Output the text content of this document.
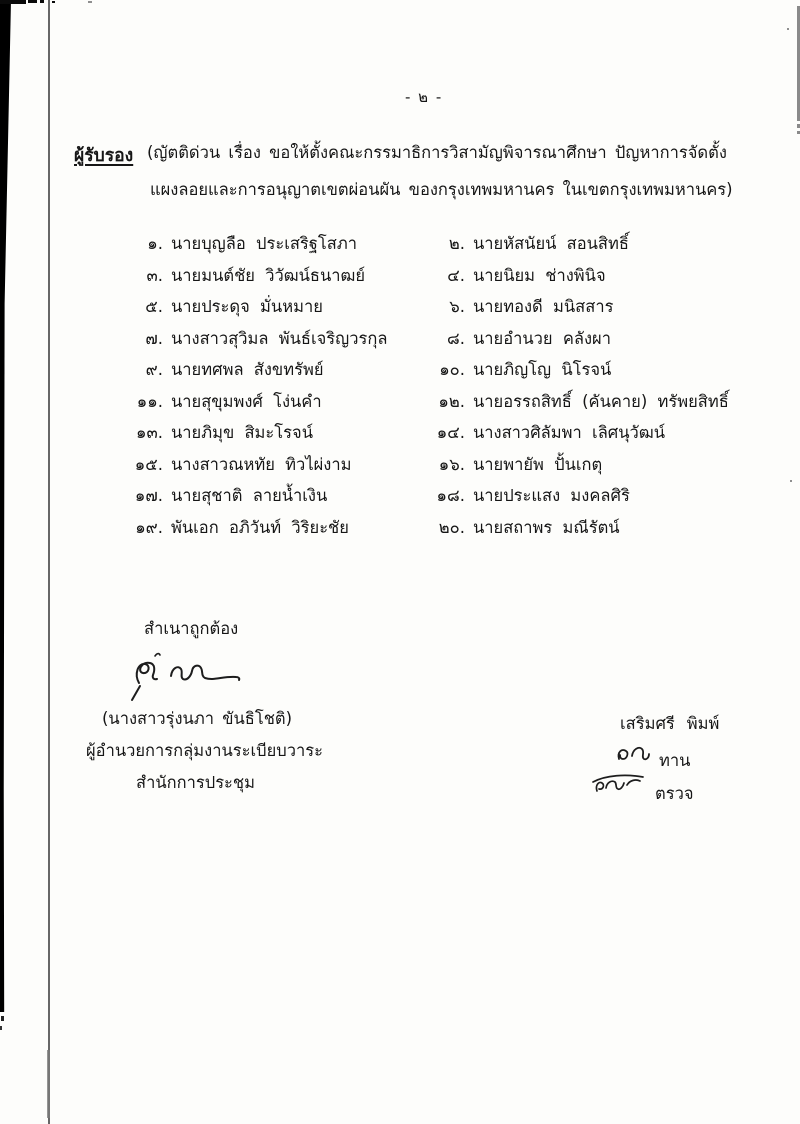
- ๒ -
ผู้รับรอง (ญัตติด่วน เรื่อง ขอให้ตั้งคณะกรรมาธิการวิสามัญพิจารณาศึกษา ปัญหาการจัดตั้ง
แผงลอยและการอนุญาตเขตผ่อนผัน ของกรุงเทพมหานคร ในเขตกรุงเทพมหานคร)
๑. นายบุญลือ ประเสริฐโสภา
๓. นายมนต์ชัย วิวัฒน์ธนาฒย์
๕. นายประดุจ มั่นหมาย
๗. นางสาวสุวิมล พันธ์เจริญวรกุล
๙. นายทศพล สังขทรัพย์
๑๑. นายสุขุมพงศ์ โง่นคำ
๑๓. นายภิมุข สิมะโรจน์
๑๕. นางสาวณหทัย ทิวไผ่งาม
๑๗. นายสุชาติ ลายน้ำเงิน
๑๙. พันเอก อภิวันท์ วิริยะชัย
๒. นายหัสนัยน์ สอนสิทธิ์
๔. นายนิยม ช่างพินิจ
๖. นายทองดี มนิสสาร
๘. นายอำนวย คลังผา
๑๐. นายภิญโญ นิโรจน์
๑๒. นายอรรถสิทธิ์ (คันคาย) ทรัพยสิทธิ์
๑๔. นางสาวศิลัมพา เลิศนุวัฒน์
๑๖. นายพายัพ ปั้นเกตุ
๑๘. นายประแสง มงคลศิริ
๒๐. นายสถาพร มณีรัตน์
สำเนาถูกต้อง
(นางสาวรุ่งนภา ขันธิโชติ)
ผู้อำนวยการกลุ่มงานระเบียบวาระ
สำนักการประชุม
เสริมศรี พิมพ์
ทาน
ตรวจ
